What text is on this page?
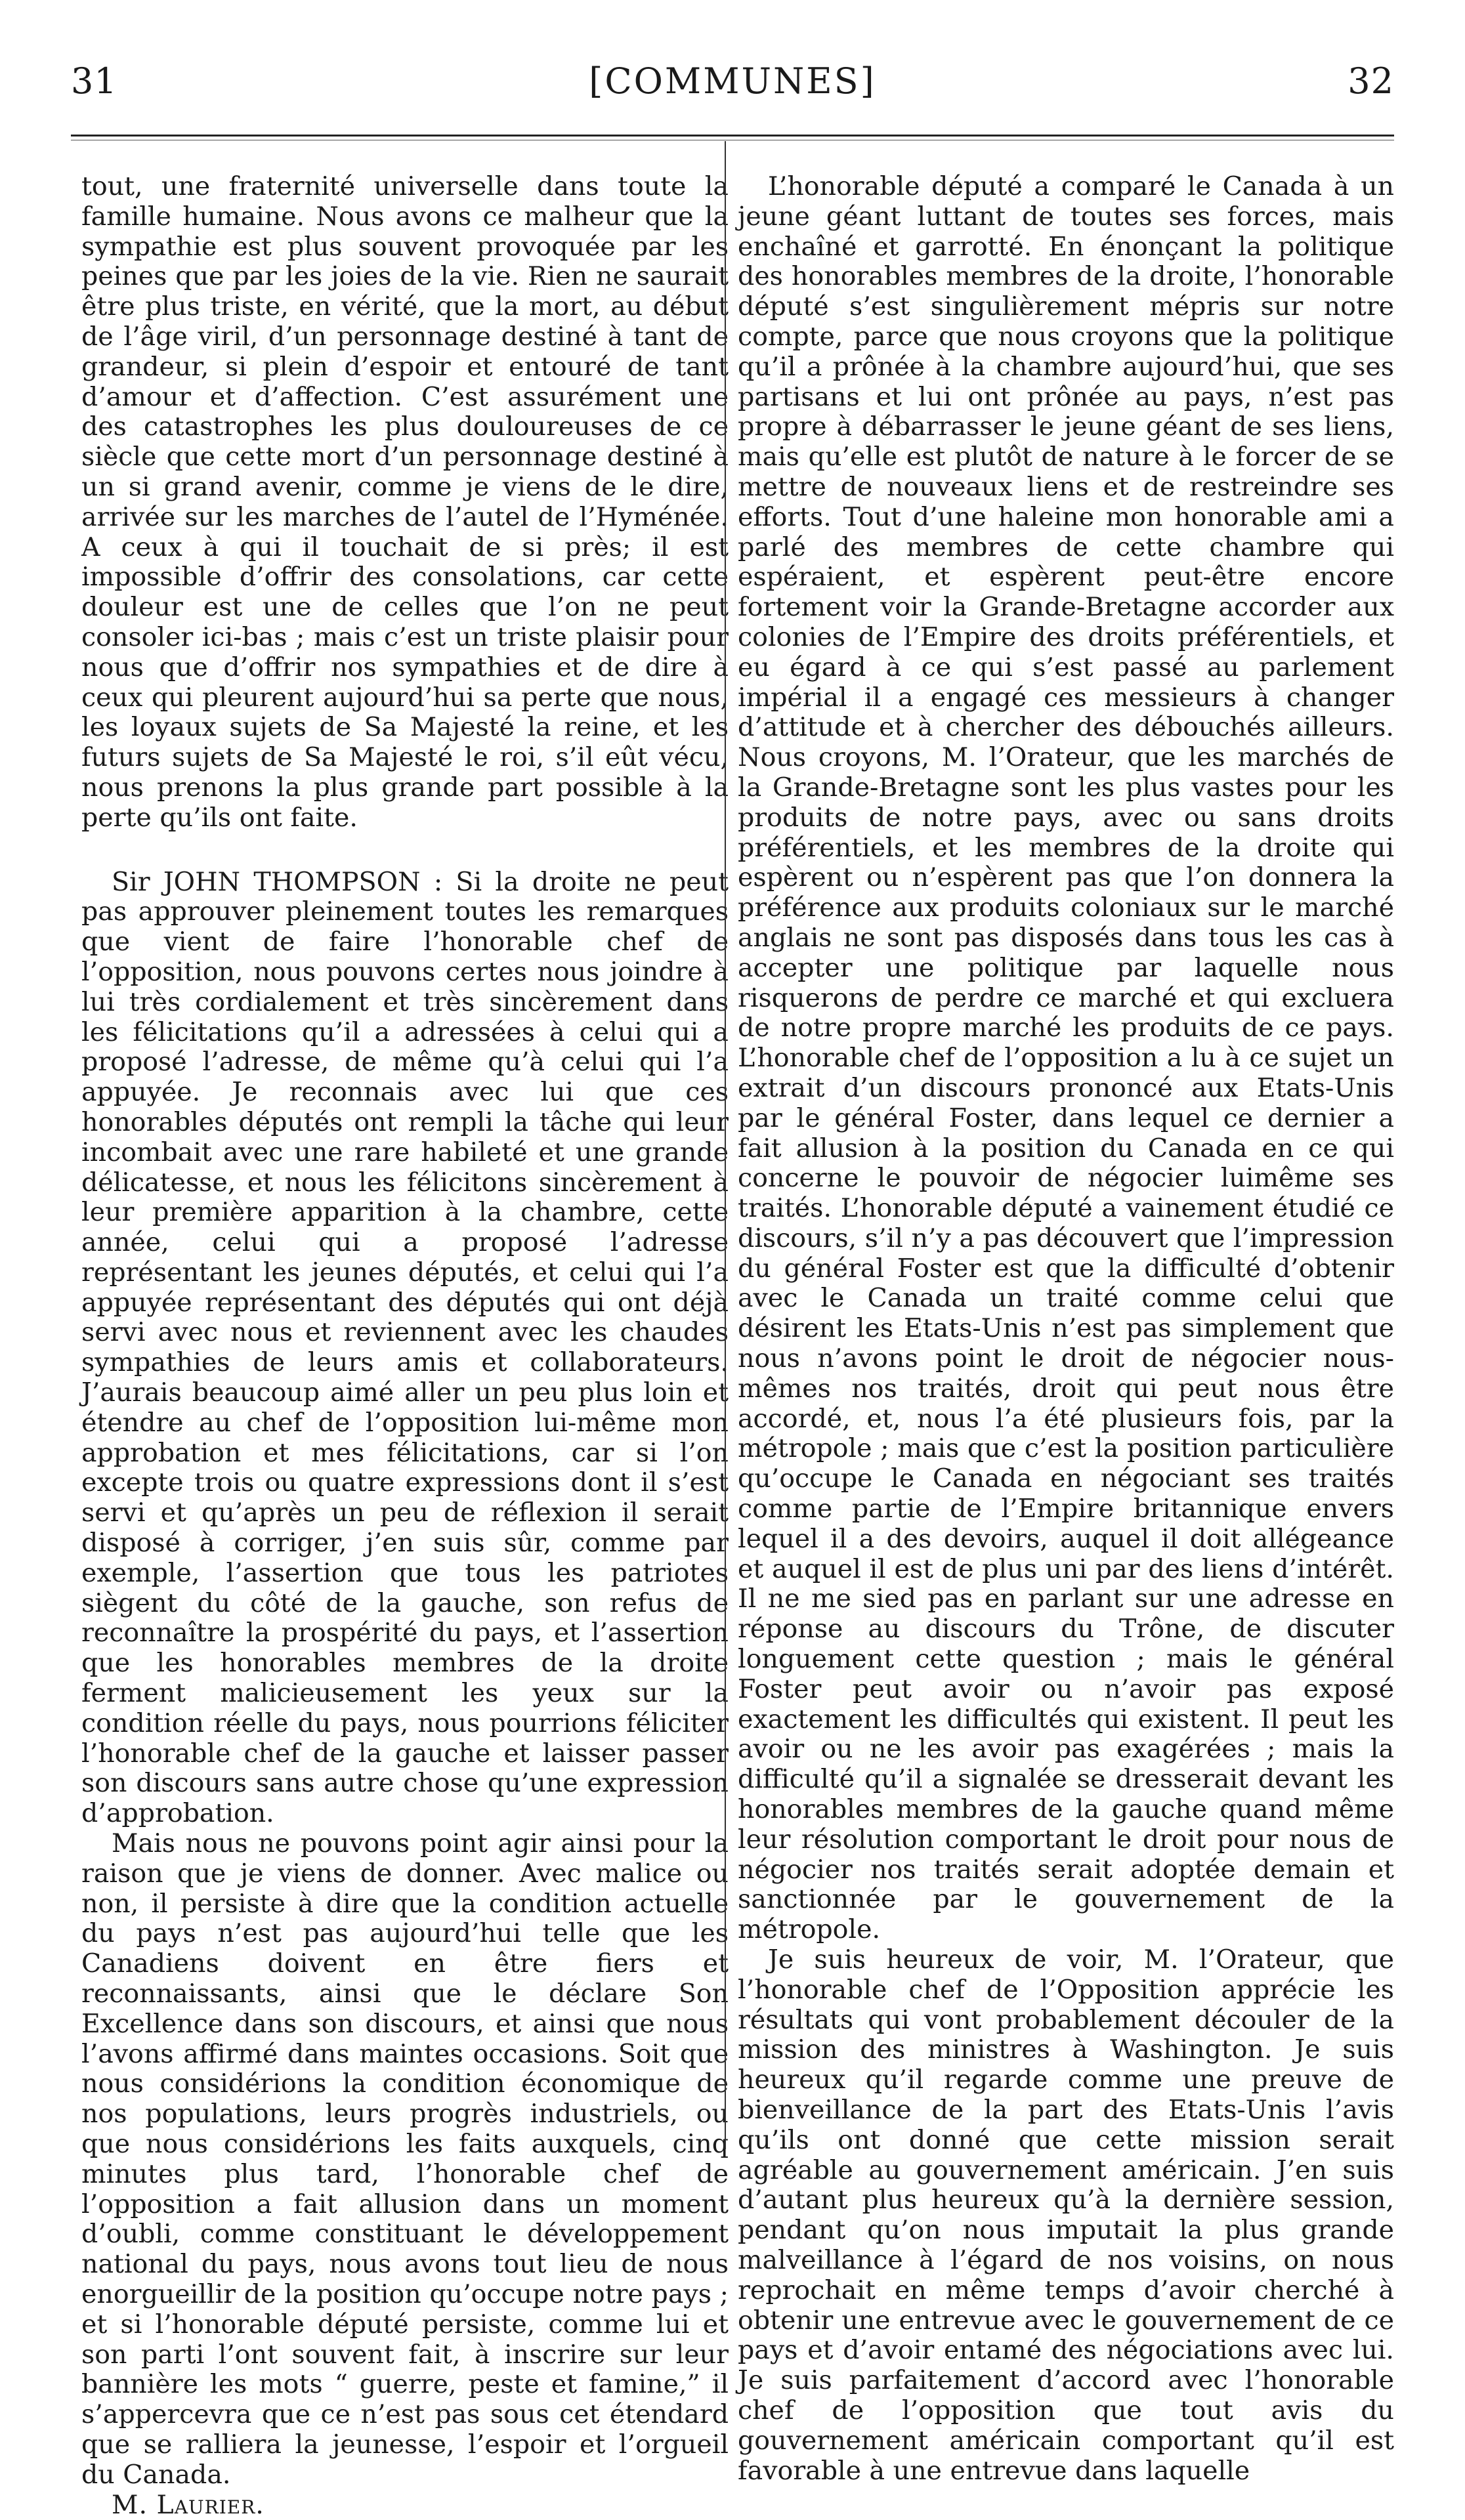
31	[COMMUNES]	32

tout, une fraternité universelle dans toute la famille humaine. Nous avons ce malheur que la sympathie est plus souvent provoquée par les peines que par les joies de la vie. Rien ne saurait être plus triste, en vérité, que la mort, au début de l’âge viril, d’un personnage destiné à tant de grandeur, si plein d’espoir et entouré de tant d’amour et d’affection. C’est assurément une des catastrophes les plus douloureuses de ce siècle que cette mort d’un personnage destiné à un si grand avenir, comme je viens de le dire, arrivée sur les marches de l’autel de l’Hyménée. A ceux à qui il touchait de si près; il est impossible d’offrir des consolations, car cette douleur est une de celles que l’on ne peut consoler ici-bas ; mais c’est un triste plaisir pour nous que d’offrir nos sympathies et de dire à ceux qui pleurent aujourd’hui sa perte que nous, les loyaux sujets de Sa Majesté la reine, et les futurs sujets de Sa Majesté le roi, s’il eût vécu, nous prenons la plus grande part possible à la perte qu’ils ont faite.

Sir JOHN THOMPSON : Si la droite ne peut pas approuver pleinement toutes les remarques que vient de faire l’honorable chef de l’opposition, nous pouvons certes nous joindre à lui très cordialement et très sincèrement dans les félicitations qu’il a adressées à celui qui a proposé l’adresse, de même qu’à celui qui l’a appuyée. Je reconnais avec lui que ces honorables députés ont rempli la tâche qui leur incombait avec une rare habileté et une grande délicatesse, et nous les félicitons sincèrement à leur première apparition à la chambre, cette année, celui qui a proposé l’adresse représentant les jeunes députés, et celui qui l’a appuyée représentant des députés qui ont déjà servi avec nous et reviennent avec les chaudes sympathies de leurs amis et collaborateurs. J’aurais beaucoup aimé aller un peu plus loin et étendre au chef de l’opposition lui-même mon approbation et mes félicitations, car si l’on excepte trois ou quatre expressions dont il s’est servi et qu’après un peu de réflexion il serait disposé à corriger, j’en suis sûr, comme par exemple, l’assertion que tous les patriotes siègent du côté de la gauche, son refus de reconnaître la prospérité du pays, et l’assertion que les honorables membres de la droite ferment malicieusement les yeux sur la condition réelle du pays, nous pourrions féliciter l’honorable chef de la gauche et laisser passer son discours sans autre chose qu’une expression d’approbation.

Mais nous ne pouvons point agir ainsi pour la raison que je viens de donner. Avec malice ou non, il persiste à dire que la condition actuelle du pays n’est pas aujourd’hui telle que les Canadiens doivent en être fiers et reconnaissants, ainsi que le déclare Son Excellence dans son discours, et ainsi que nous l’avons affirmé dans maintes occasions. Soit que nous considérions la condition économique de nos populations, leurs progrès industriels, ou que nous considérions les faits auxquels, cinq minutes plus tard, l’honorable chef de l’opposition a fait allusion dans un moment d’oubli, comme constituant le développement national du pays, nous avons tout lieu de nous enorgueillir de la position qu’occupe notre pays ; et si l’honorable député persiste, comme lui et son parti l’ont souvent fait, à inscrire sur leur bannière les mots “ guerre, peste et famine,” il s’appercevra que ce n’est pas sous cet étendard que se ralliera la jeunesse, l’espoir et l’orgueil du Canada.

M. Laurier.

L’honorable député a comparé le Canada à un jeune géant luttant de toutes ses forces, mais enchaîné et garrotté. En énonçant la politique des honorables membres de la droite, l’honorable député s’est singulièrement mépris sur notre compte, parce que nous croyons que la politique qu’il a prônée à la chambre aujourd’hui, que ses partisans et lui ont prônée au pays, n’est pas propre à débarrasser le jeune géant de ses liens, mais qu’elle est plutôt de nature à le forcer de se mettre de nouveaux liens et de restreindre ses efforts. Tout d’une haleine mon honorable ami a parlé des membres de cette chambre qui espéraient, et espèrent peut-être encore fortement voir la Grande-Bretagne accorder aux colonies de l’Empire des droits préférentiels, et eu égard à ce qui s’est passé au parlement impérial il a engagé ces messieurs à changer d’attitude et à chercher des débouchés ailleurs. Nous croyons, M. l’Orateur, que les marchés de la Grande-Bretagne sont les plus vastes pour les produits de notre pays, avec ou sans droits préférentiels, et les membres de la droite qui espèrent ou n’espèrent pas que l’on donnera la préférence aux produits coloniaux sur le marché anglais ne sont pas disposés dans tous les cas à accepter une politique par laquelle nous risquerons de perdre ce marché et qui excluera de notre propre marché les produits de ce pays. L’honorable chef de l’opposition a lu à ce sujet un extrait d’un discours prononcé aux Etats-Unis par le général Foster, dans lequel ce dernier a fait allusion à la position du Canada en ce qui concerne le pouvoir de négocier luimême ses traités. L’honorable député a vainement étudié ce discours, s’il n’y a pas découvert que l’impression du général Foster est que la difficulté d’obtenir avec le Canada un traité comme celui que désirent les Etats-Unis n’est pas simplement que nous n’avons point le droit de négocier nous-mêmes nos traités, droit qui peut nous être accordé, et, nous l’a été plusieurs fois, par la métropole ; mais que c’est la position particulière qu’occupe le Canada en négociant ses traités comme partie de l’Empire britannique envers lequel il a des devoirs, auquel il doit allégeance et auquel il est de plus uni par des liens d’intérêt. Il ne me sied pas en parlant sur une adresse en réponse au discours du Trône, de discuter longuement cette question ; mais le général Foster peut avoir ou n’avoir pas exposé exactement les difficultés qui existent. Il peut les avoir ou ne les avoir pas exagérées ; mais la difficulté qu’il a signalée se dresserait devant les honorables membres de la gauche quand même leur résolution comportant le droit pour nous de négocier nos traités serait adoptée demain et sanctionnée par le gouvernement de la métropole.

Je suis heureux de voir, M. l’Orateur, que l’honorable chef de l’Opposition apprécie les résultats qui vont probablement découler de la mission des ministres à Washington. Je suis heureux qu’il regarde comme une preuve de bienveillance de la part des Etats-Unis l’avis qu’ils ont donné que cette mission serait agréable au gouvernement américain. J’en suis d’autant plus heureux qu’à la dernière session, pendant qu’on nous imputait la plus grande malveillance à l’égard de nos voisins, on nous reprochait en même temps d’avoir cherché à obtenir une entrevue avec le gouvernement de ce pays et d’avoir entamé des négociations avec lui. Je suis parfaitement d’accord avec l’honorable chef de l’opposition que tout avis du gouvernement américain comportant qu’il est favorable à une entrevue dans laquelle
